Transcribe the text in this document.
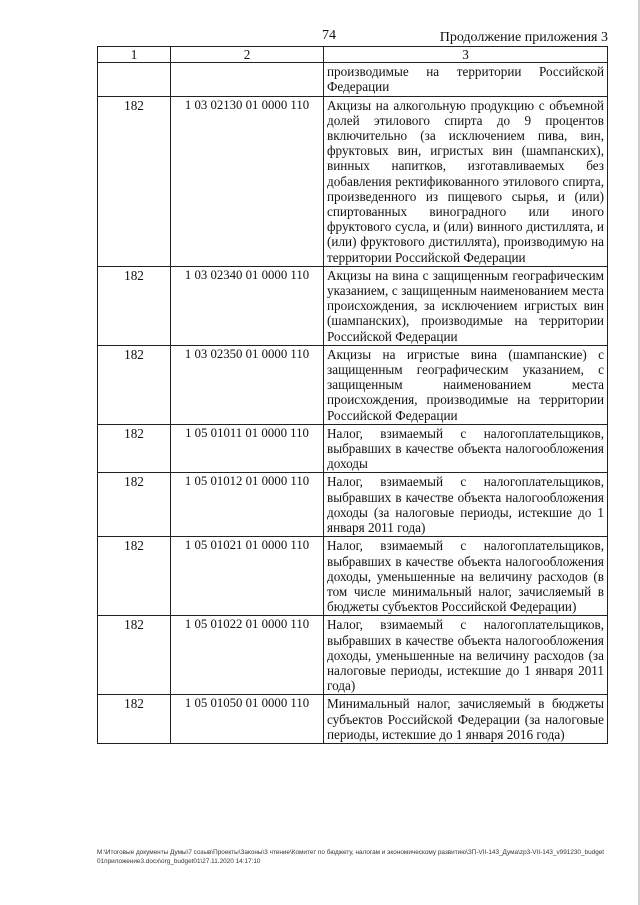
74	Продолжение приложения 3
1	2	3
		производимые на территории Российской Федерации
182	1 03 02130 01 0000 110	Акцизы на алкогольную продукцию с объемной долей этилового спирта до 9 процентов включительно (за исключением пива, вин, фруктовых вин, игристых вин (шампанских), винных напитков, изготавливаемых без добавления ректификованного этилового спирта, произведенного из пищевого сырья, и (или) спиртованных виноградного или иного фруктового сусла, и (или) винного дистиллята, и (или) фруктового дистиллята), производимую на территории Российской Федерации
182	1 03 02340 01 0000 110	Акцизы на вина с защищенным географическим указанием, с защищенным наименованием места происхождения, за исключением игристых вин (шампанских), производимые на территории Российской Федерации
182	1 03 02350 01 0000 110	Акцизы на игристые вина (шампанские) с защищенным географическим указанием, с защищенным наименованием места происхождения, производимые на территории Российской Федерации
182	1 05 01011 01 0000 110	Налог, взимаемый с налогоплательщиков, выбравших в качестве объекта налогообложения доходы
182	1 05 01012 01 0000 110	Налог, взимаемый с налогоплательщиков, выбравших в качестве объекта налогообложения доходы (за налоговые периоды, истекшие до 1 января 2011 года)
182	1 05 01021 01 0000 110	Налог, взимаемый с налогоплательщиков, выбравших в качестве объекта налогообложения доходы, уменьшенные на величину расходов (в том числе минимальный налог, зачисляемый в бюджеты субъектов Российской Федерации)
182	1 05 01022 01 0000 110	Налог, взимаемый с налогоплательщиков, выбравших в качестве объекта налогообложения доходы, уменьшенные на величину расходов (за налоговые периоды, истекшие до 1 января 2011 года)
182	1 05 01050 01 0000 110	Минимальный налог, зачисляемый в бюджеты субъектов Российской Федерации (за налоговые периоды, истекшие до 1 января 2016 года)
M:\Итоговые документы Думы\7 созыв\Проекты\Законы\3 чтение\Комитет по бюджету, налогам и экономическому развитию\ЗП-VII-143_Дума\zp3-VII-143_v991230_budget01приложение3.docx\org_budget01\27.11.2020 14:17:10
